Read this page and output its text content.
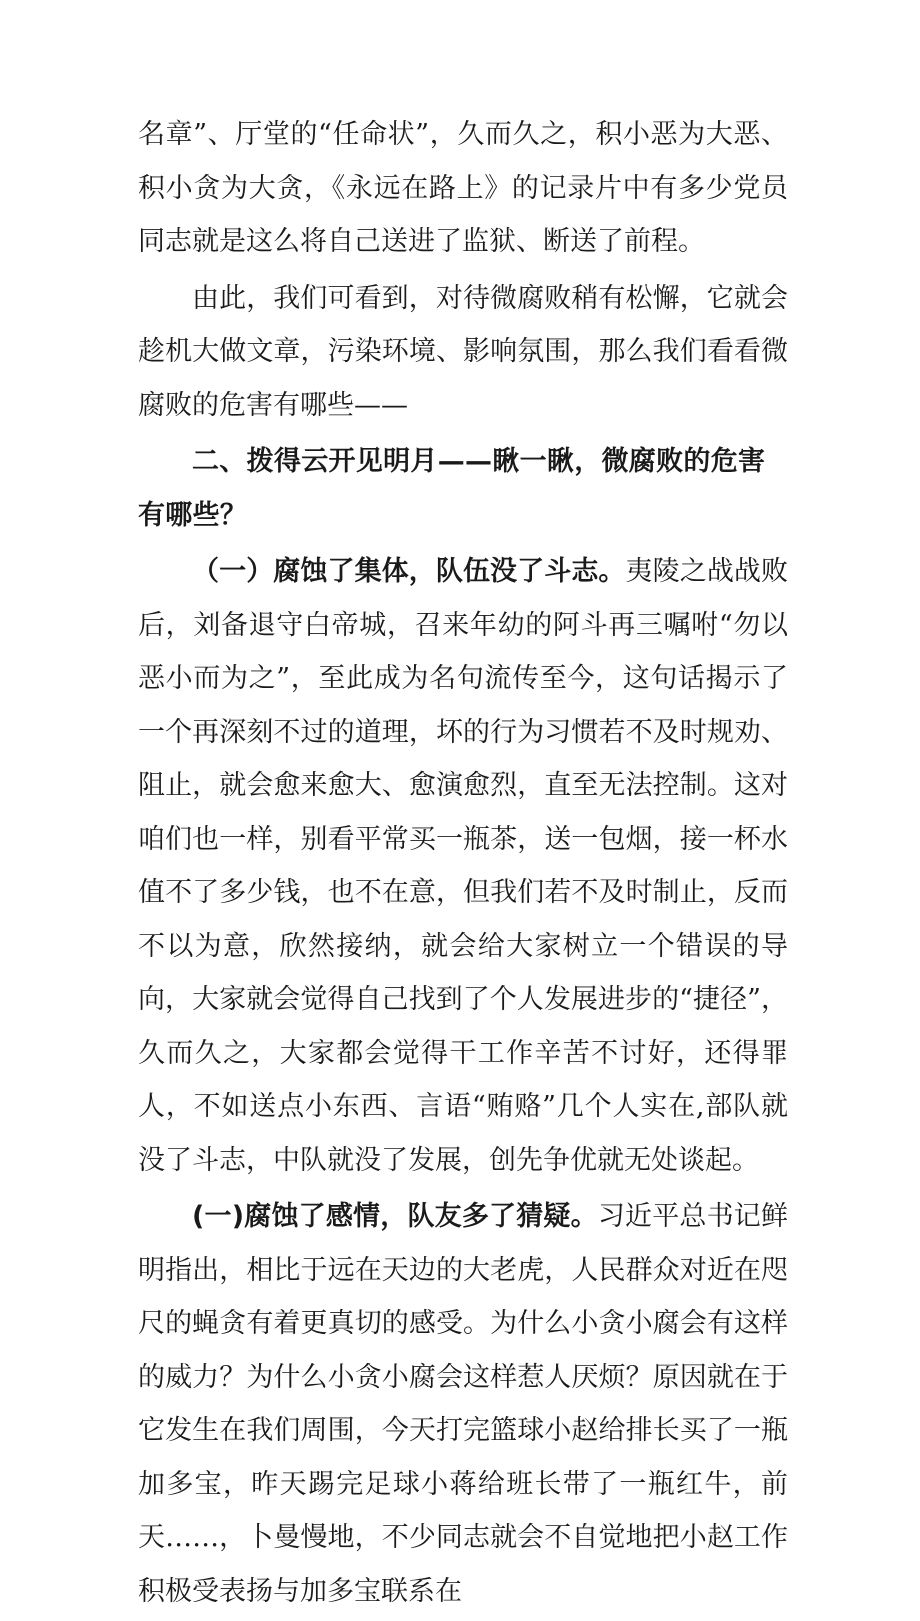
名章”、厅堂的“任命状”，久而久之，积小恶为大恶、积小贪为大贪，《永远在路上》的记录片中有多少党员同志就是这么将自己送进了监狱、断送了前程。

由此，我们可看到，对待微腐败稍有松懈，它就会趁机大做文章，污染环境、影响氛围，那么我们看看微腐败的危害有哪些——

二、拨得云开见明月——瞅一瞅，微腐败的危害有哪些？

（一）腐蚀了集体，队伍没了斗志。夷陵之战战败后，刘备退守白帝城，召来年幼的阿斗再三嘱咐“勿以恶小而为之”，至此成为名句流传至今，这句话揭示了一个再深刻不过的道理，坏的行为习惯若不及时规劝、阻止，就会愈来愈大、愈演愈烈，直至无法控制。这对咱们也一样，别看平常买一瓶茶，送一包烟，接一杯水值不了多少钱，也不在意，但我们若不及时制止，反而不以为意，欣然接纳，就会给大家树立一个错误的导向，大家就会觉得自己找到了个人发展进步的“捷径”，久而久之，大家都会觉得干工作辛苦不讨好，还得罪人，不如送点小东西、言语“贿赂”几个人实在,部队就没了斗志，中队就没了发展，创先争优就无处谈起。

(一)腐蚀了感情，队友多了猜疑。习近平总书记鲜明指出，相比于远在天边的大老虎，人民群众对近在咫尺的蝇贪有着更真切的感受。为什么小贪小腐会有这样的威力？为什么小贪小腐会这样惹人厌烦？原因就在于它发生在我们周围，今天打完篮球小赵给排长买了一瓶加多宝，昨天踢完足球小蒋给班长带了一瓶红牛，前天……，卜曼慢地，不少同志就会不自觉地把小赵工作积极受表扬与加多宝联系在
